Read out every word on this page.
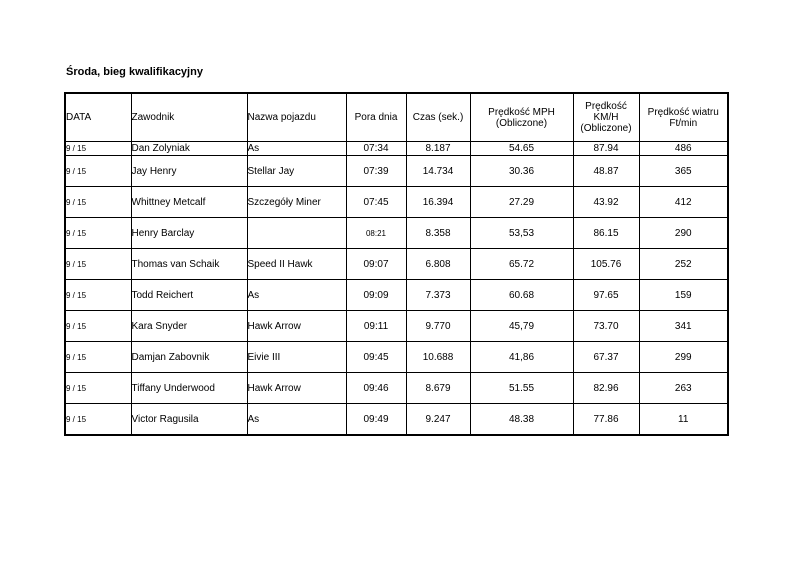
Środa, bieg kwalifikacyjny
DATA	Zawodnik	Nazwa pojazdu	Pora dnia	Czas (sek.)	Prędkość MPH (Obliczone)	Prędkość KM/H (Obliczone)	Prędkość wiatru Ft/min
9 / 15	Dan Zolyniak	As	07:34	8.187	54.65	87.94	486
9 / 15	Jay Henry	Stellar Jay	07:39	14.734	30.36	48.87	365
9 / 15	Whittney Metcalf	Szczegóły Miner	07:45	16.394	27.29	43.92	412
9 / 15	Henry Barclay		08:21	8.358	53,53	86.15	290
9 / 15	Thomas van Schaik	Speed II Hawk	09:07	6.808	65.72	105.76	252
9 / 15	Todd Reichert	As	09:09	7.373	60.68	97.65	159
9 / 15	Kara Snyder	Hawk Arrow	09:11	9.770	45,79	73.70	341
9 / 15	Damjan Zabovnik	Eivie III	09:45	10.688	41,86	67.37	299
9 / 15	Tiffany Underwood	Hawk Arrow	09:46	8.679	51.55	82.96	263
9 / 15	Victor Ragusila	As	09:49	9.247	48.38	77.86	11
